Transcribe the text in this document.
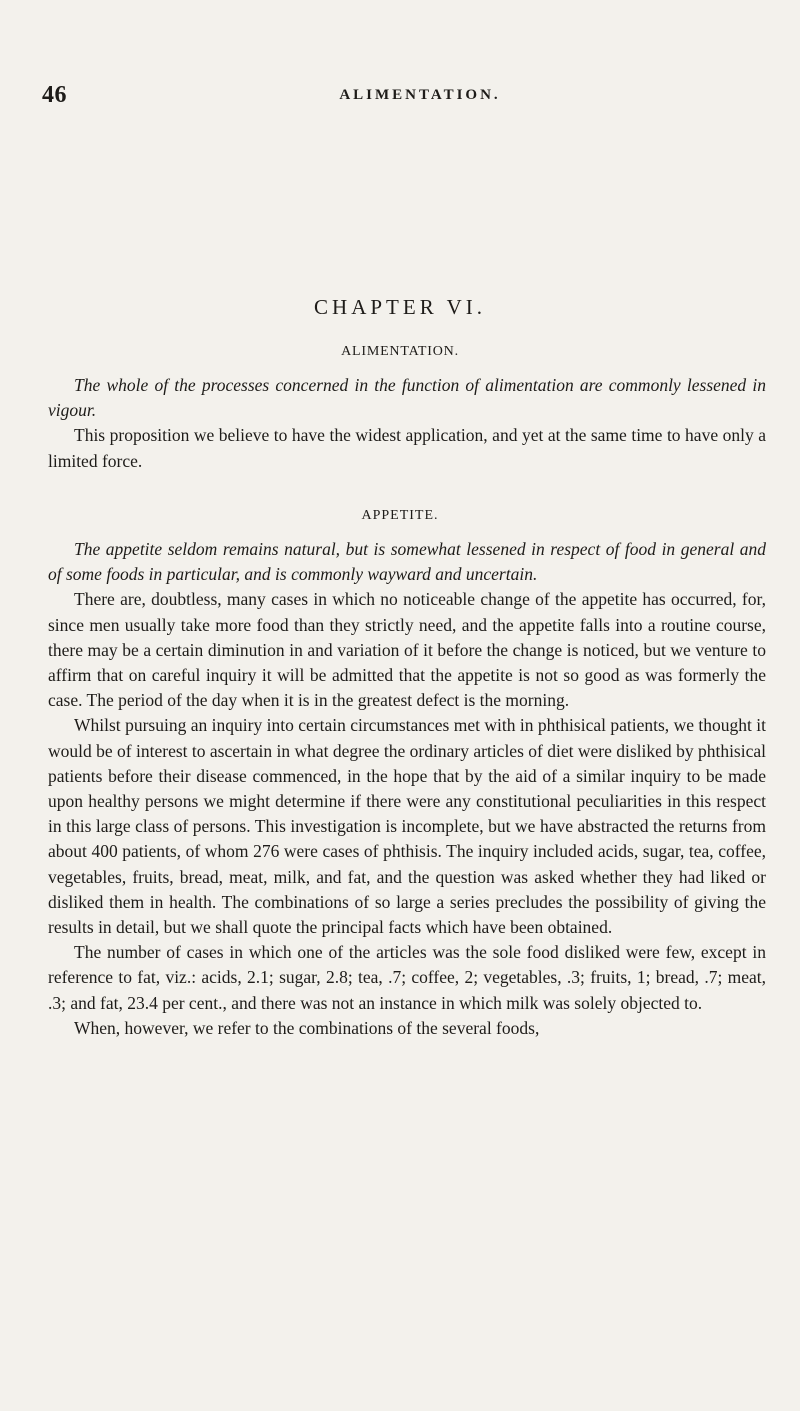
46	ALIMENTATION.
CHAPTER VI.
ALIMENTATION.

The whole of the processes concerned in the function of alimentation are commonly lessened in vigour.

This proposition we believe to have the widest application, and yet at the same time to have only a limited force.

APPETITE.

The appetite seldom remains natural, but is somewhat lessened in respect of food in general and of some foods in particular, and is commonly wayward and uncertain.

There are, doubtless, many cases in which no noticeable change of the appetite has occurred, for, since men usually take more food than they strictly need, and the appetite falls into a routine course, there may be a certain diminution in and variation of it before the change is noticed, but we venture to affirm that on careful inquiry it will be admitted that the appetite is not so good as was formerly the case. The period of the day when it is in the greatest defect is the morning.

Whilst pursuing an inquiry into certain circumstances met with in phthisical patients, we thought it would be of interest to ascertain in what degree the ordinary articles of diet were disliked by phthisical patients before their disease commenced, in the hope that by the aid of a similar inquiry to be made upon healthy persons we might determine if there were any constitutional peculiarities in this respect in this large class of persons. This investigation is incomplete, but we have abstracted the returns from about 400 patients, of whom 276 were cases of phthisis. The inquiry included acids, sugar, tea, coffee, vegetables, fruits, bread, meat, milk, and fat, and the question was asked whether they had liked or disliked them in health. The combinations of so large a series precludes the possibility of giving the results in detail, but we shall quote the principal facts which have been obtained.

The number of cases in which one of the articles was the sole food disliked were few, except in reference to fat, viz.: acids, 2.1; sugar, 2.8; tea, .7; coffee, 2; vegetables, .3; fruits, 1; bread, .7; meat, .3; and fat, 23.4 per cent., and there was not an instance in which milk was solely objected to.

When, however, we refer to the combinations of the several foods,
